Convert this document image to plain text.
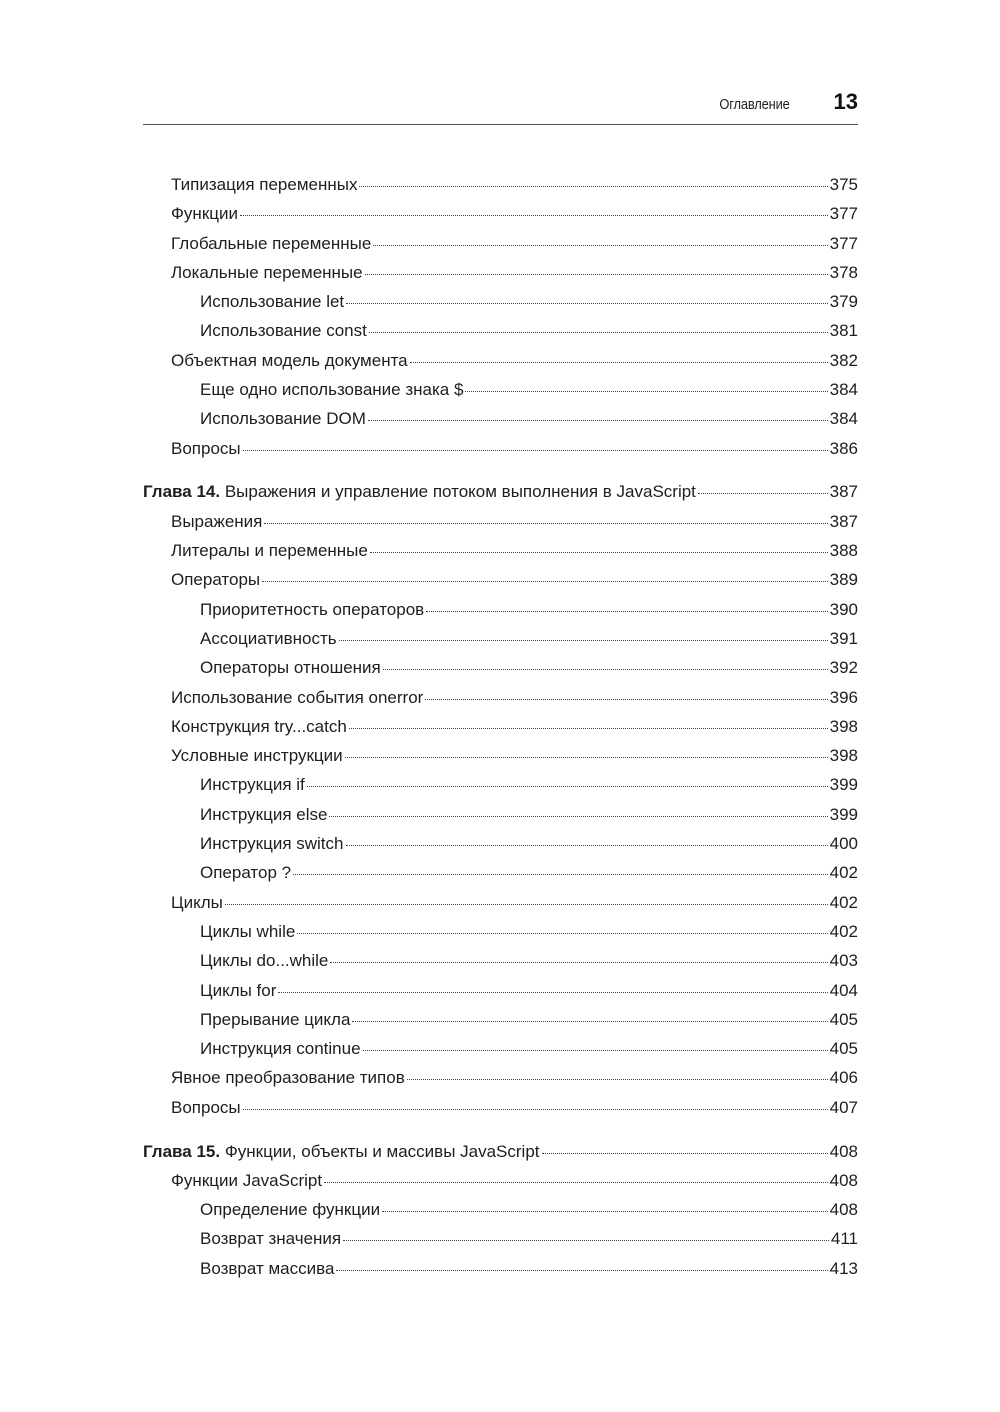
Оглавление 13
Типизация переменных	375
Функции	377
Глобальные переменные	377
Локальные переменные	378
Использование let	379
Использование const	381
Объектная модель документа	382
Еще одно использование знака $	384
Использование DOM	384
Вопросы	386
Глава 14. Выражения и управление потоком выполнения в JavaScript	387
Выражения	387
Литералы и переменные	388
Операторы	389
Приоритетность операторов	390
Ассоциативность	391
Операторы отношения	392
Использование события onerror	396
Конструкция try...catch	398
Условные инструкции	398
Инструкция if	399
Инструкция else	399
Инструкция switch	400
Оператор ?	402
Циклы	402
Циклы while	402
Циклы do...while	403
Циклы for	404
Прерывание цикла	405
Инструкция continue	405
Явное преобразование типов	406
Вопросы	407
Глава 15. Функции, объекты и массивы JavaScript	408
Функции JavaScript	408
Определение функции	408
Возврат значения	411
Возврат массива	413
